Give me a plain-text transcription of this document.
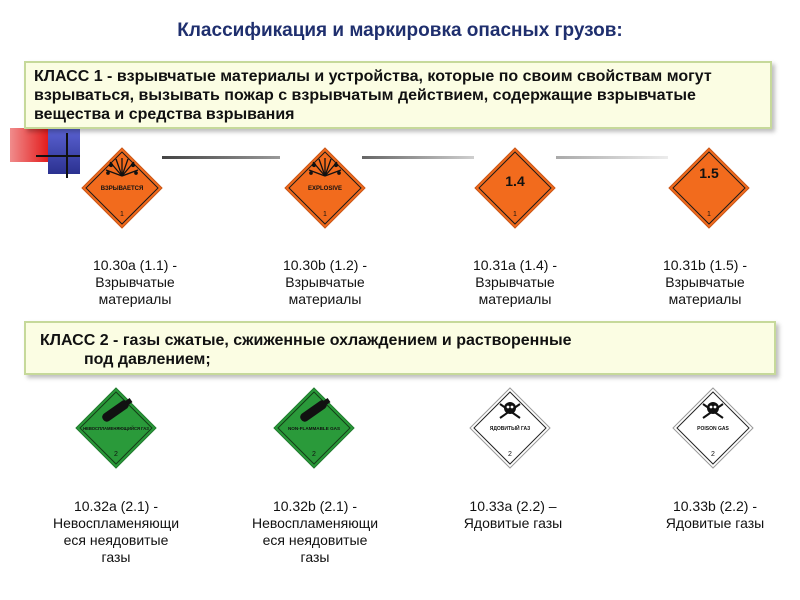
Классификация и маркировка опасных грузов:
КЛАСС 1 - взрывчатые материалы и устройства, которые по своим свойствам могут взрываться, вызывать пожар с взрывчатым действием, содержащие взрывчатые вещества и средства взрывания
ВЗРЫВАЕТСЯ
1
EXPLOSIVE
1
1.4
1
1.5
1
10.30a (1.1) -
Взрывчатые
материалы
10.30b (1.2) -
Взрывчатые
материалы
10.31a (1.4) -
Взрывчатые
материалы
10.31b (1.5) -
Взрывчатые
материалы
КЛАСС 2 - газы сжатые, сжиженные охлаждением и растворенные
под давлением;
НЕВОСПЛАМЕНЯЮЩИЙСЯ ГАЗ
2
NON-FLAMMABLE GAS
2
ЯДОВИТЫЙ ГАЗ
2
POISON GAS
2
10.32a (2.1) -
Невоспламеняющи
еся неядовитые
газы
10.32b (2.1) -
Невоспламеняющи
еся неядовитые
газы
10.33a (2.2) –
Ядовитые газы
10.33b (2.2) -
Ядовитые газы
